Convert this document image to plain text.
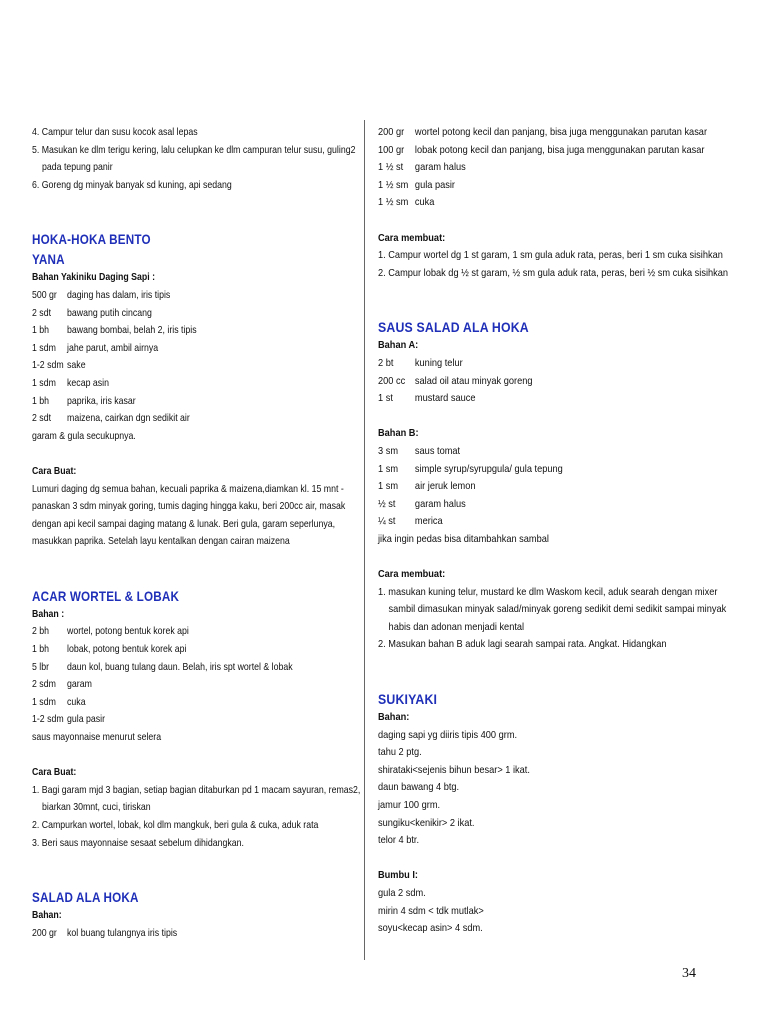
4. Campur telur dan susu kocok asal lepas
5. Masukan ke dlm terigu kering, lalu celupkan ke dlm campuran telur susu, guling2
pada tepung panir
6. Goreng dg minyak banyak sd kuning, api sedang
HOKA-HOKA BENTO
YANA
Bahan Yakiniku Daging Sapi :
500 gr daging has dalam, iris tipis
2 sdt	bawang putih cincang
1 bh	bawang bombai, belah 2, iris tipis
1 sdm	jahe parut, ambil airnya
1-2 sdm sake
1 sdm	kecap asin
1 bh	paprika, iris kasar
2 sdt	maizena, cairkan dgn sedikit air
garam & gula secukupnya.
Cara Buat:
Lumuri daging dg semua bahan, kecuali paprika & maizena,diamkan kl. 15 mnt -
panaskan 3 sdm minyak goring, tumis daging hingga kaku, beri 200cc air, masak
dengan api kecil sampai daging matang & lunak. Beri gula, garam seperlunya,
masukkan paprika. Setelah layu kentalkan dengan cairan maizena
ACAR WORTEL & LOBAK
Bahan :
2 bh	wortel, potong bentuk korek api
1 bh	lobak, potong bentuk korek api
5 lbr	daun kol, buang tulang daun. Belah, iris spt wortel & lobak
2 sdm	garam
1 sdm	cuka
1-2 sdm gula pasir
saus mayonnaise menurut selera
Cara Buat:
1. Bagi garam mjd 3 bagian, setiap bagian ditaburkan pd 1 macam sayuran, remas2,
biarkan 30mnt, cuci, tiriskan
2. Campurkan wortel, lobak, kol dlm mangkuk, beri gula & cuka, aduk rata
3. Beri saus mayonnaise sesaat sebelum dihidangkan.
SALAD ALA HOKA
Bahan:
200 gr kol buang tulangnya iris tipis
200 gr	wortel potong kecil dan panjang, bisa juga menggunakan parutan kasar
100 gr	lobak potong kecil dan panjang, bisa juga menggunakan parutan kasar
1 ½ st	garam halus
1 ½ sm gula pasir
1 ½ sm cuka
Cara membuat:
1. Campur wortel dg 1 st garam, 1 sm gula aduk rata, peras, beri 1 sm cuka sisihkan
2. Campur lobak dg ½ st garam, ½ sm gula aduk rata, peras, beri ½ sm cuka sisihkan
SAUS SALAD ALA HOKA
Bahan A:
2 bt	kuning telur
200 cc salad oil atau minyak goreng
1 st	mustard sauce
Bahan B:
3 sm	saus tomat
1 sm	simple syrup/syrupgula/ gula tepung
1 sm	air jeruk lemon
½ st	garam halus
¼ st	merica
jika ingin pedas bisa ditambahkan sambal
Cara membuat:
1. masukan kuning telur, mustard ke dlm Waskom kecil, aduk searah dengan mixer
sambil dimasukan minyak salad/minyak goreng sedikit demi sedikit sampai minyak
habis dan adonan menjadi kental
2. Masukan bahan B aduk lagi searah sampai rata. Angkat. Hidangkan
SUKIYAKI
Bahan:
daging sapi yg diiris tipis 400 grm.
tahu 2 ptg.
shirataki<sejenis bihun besar> 1 ikat.
daun bawang 4 btg.
jamur 100 grm.
sungiku<kenikir> 2 ikat.
telor 4 btr.
Bumbu I:
gula 2 sdm.
mirin 4 sdm < tdk mutlak>
soyu<kecap asin> 4 sdm.
34
